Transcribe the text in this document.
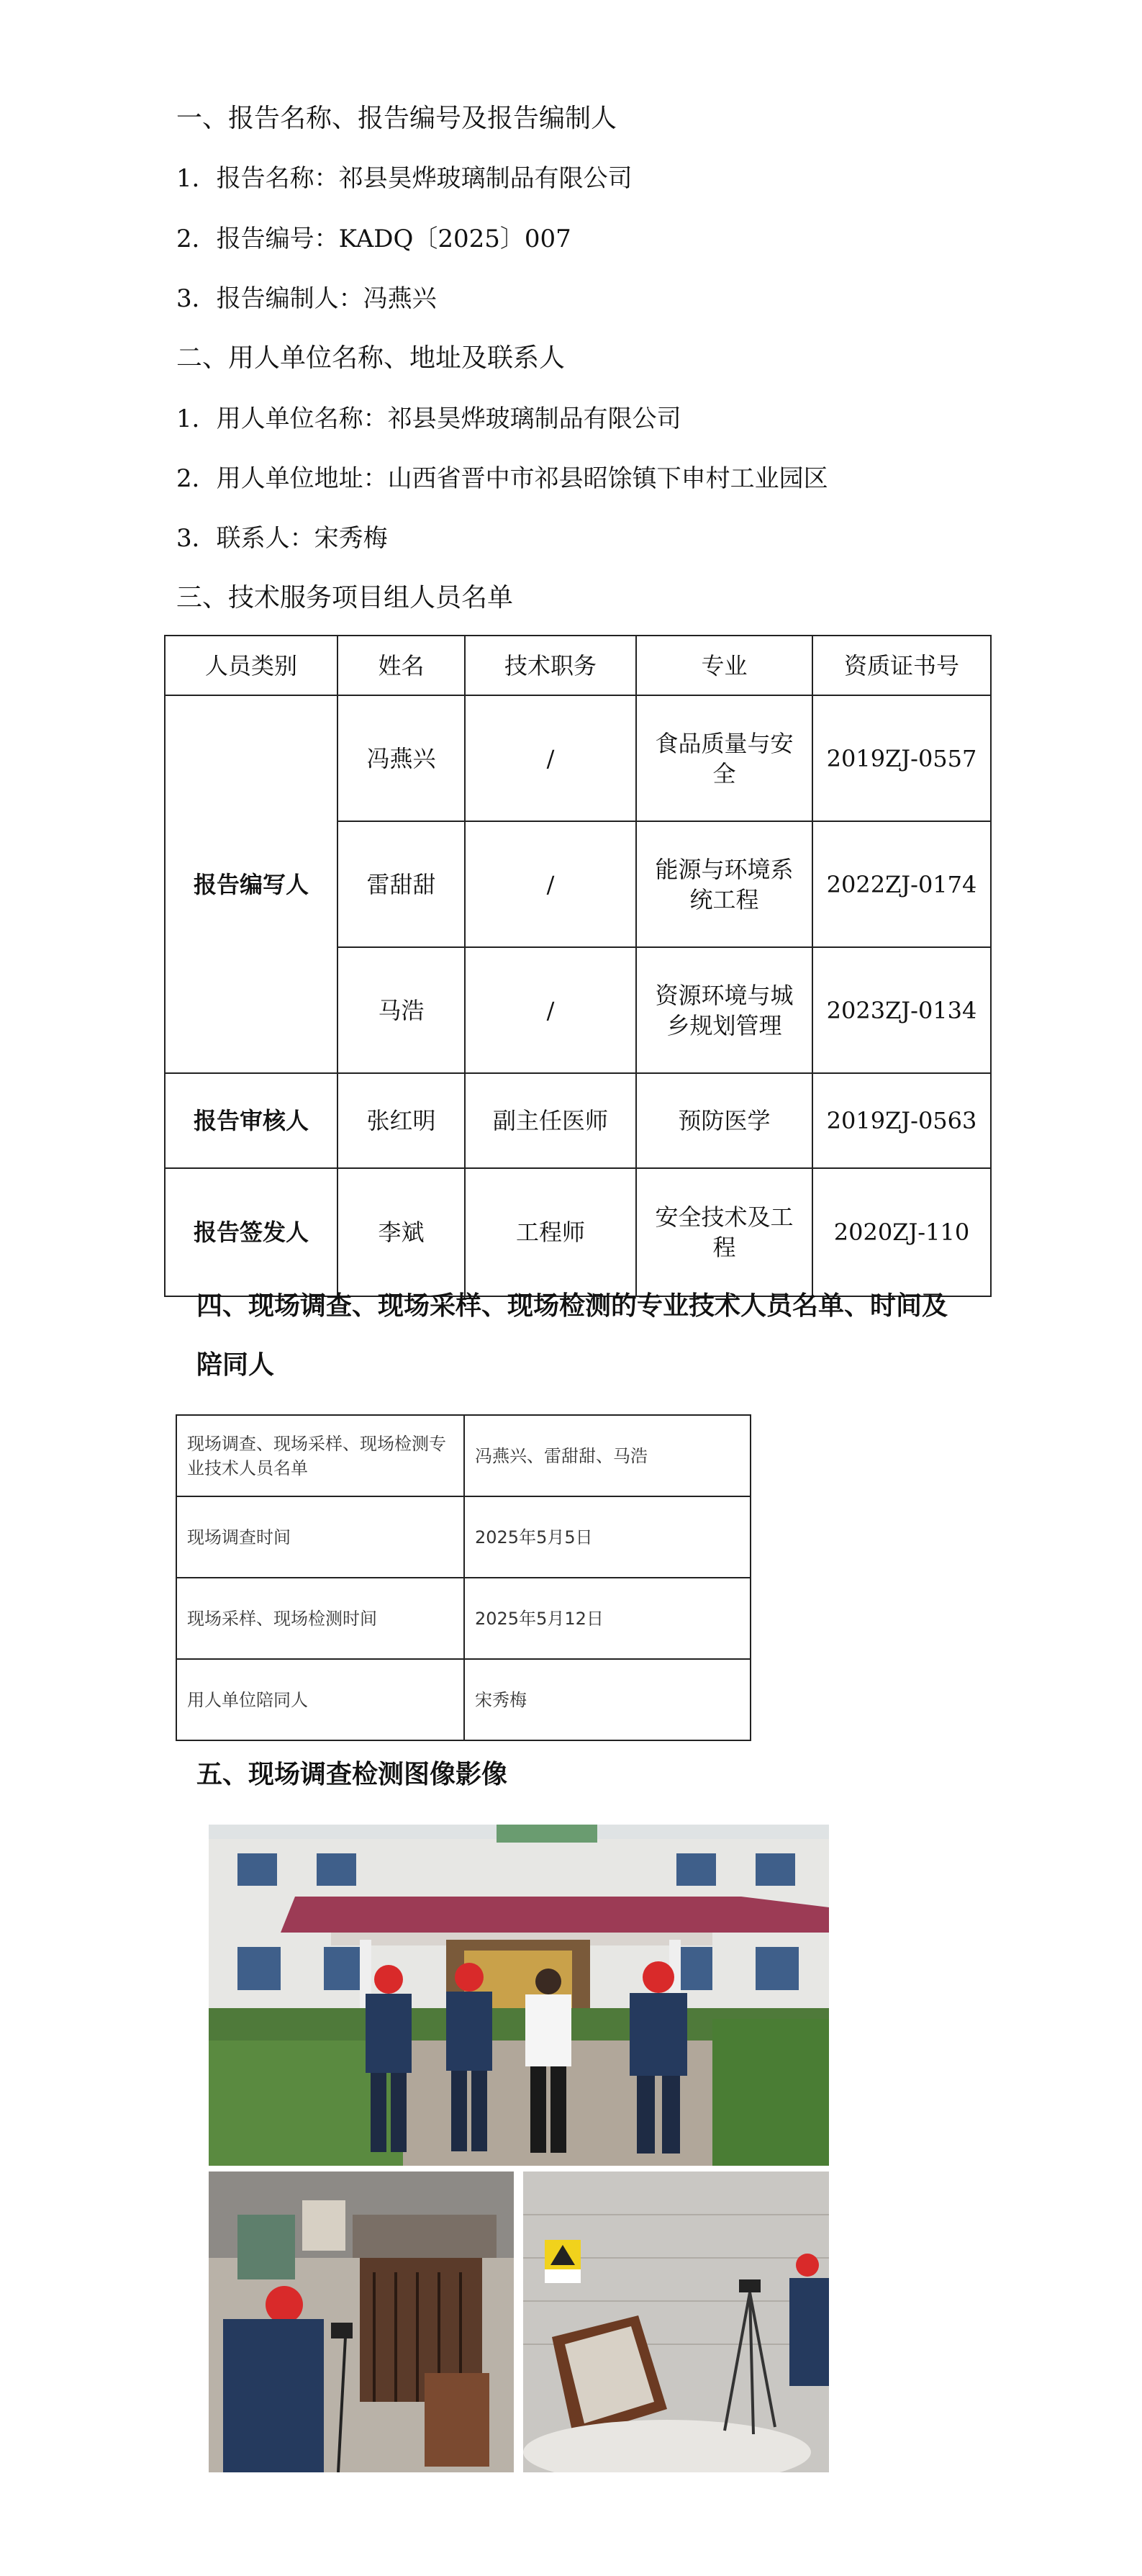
一、报告名称、报告编号及报告编制人
1．报告名称：祁县昊烨玻璃制品有限公司
2．报告编号：KADQ〔2025〕007
3．报告编制人：冯燕兴
二、用人单位名称、地址及联系人
1．用人单位名称：祁县昊烨玻璃制品有限公司
2．用人单位地址：山西省晋中市祁县昭馀镇下申村工业园区
3．联系人：宋秀梅
三、技术服务项目组人员名单
人员类别	姓名	技术职务	专业	资质证书号
报告编写人	冯燕兴	/	食品质量与安全	2019ZJ-0557
	雷甜甜	/	能源与环境系统工程	2022ZJ-0174
	马浩	/	资源环境与城乡规划管理	2023ZJ-0134
报告审核人	张红明	副主任医师	预防医学	2019ZJ-0563
报告签发人	李斌	工程师	安全技术及工程	2020ZJ-110
四、现场调查、现场采样、现场检测的专业技术人员名单、时间及
陪同人
现场调查、现场采样、现场检测专业技术人员名单	冯燕兴、雷甜甜、马浩
现场调查时间	2025年5月5日
现场采样、现场检测时间	2025年5月12日
用人单位陪同人	宋秀梅
五、现场调查检测图像影像
